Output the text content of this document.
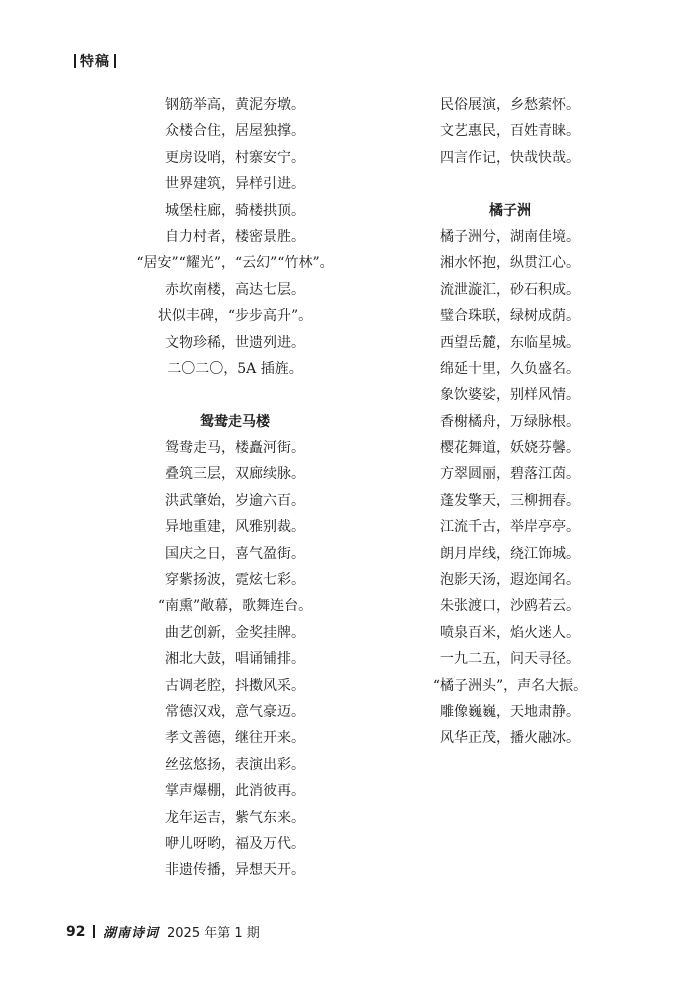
特稿
钢筋举高，黄泥夯墩。
众楼合住，居屋独撑。
更房设哨，村寨安宁。
世界建筑，异样引进。
城堡柱廊，骑楼拱顶。
自力村者，楼密景胜。
“居安”“耀光”，“云幻”“竹林”。
赤坎南楼，高达七层。
状似丰碑，“步步高升”。
文物珍稀，世遗列进。
二〇二〇，5A 插旌。
鸳鸯走马楼
鸳鸯走马，楼矗河街。
叠筑三层，双廊续脉。
洪武肇始，岁逾六百。
异地重建，风雅别裁。
国庆之日，喜气盈街。
穿紫扬波，霓炫七彩。
“南熏”敞幕，歌舞连台。
曲艺创新，金奖挂牌。
湘北大鼓，唱诵铺排。
古调老腔，抖擞风采。
常德汉戏，意气豪迈。
孝文善德，继往开来。
丝弦悠扬，表演出彩。
掌声爆棚，此消彼再。
龙年运吉，紫气东来。
咿儿呀哟，福及万代。
非遗传播，异想天开。
民俗展演，乡愁萦怀。
文艺惠民，百姓青睐。
四言作记，快哉快哉。
橘子洲
橘子洲兮，湖南佳境。
湘水怀抱，纵贯江心。
流泄漩汇，砂石积成。
璧合珠联，绿树成荫。
西望岳麓，东临星城。
绵延十里，久负盛名。
象饮婆娑，别样风情。
香榭橘舟，万绿脉根。
樱花舞道，妖娆芬馨。
方翠圆丽，碧落江茵。
蓬发擎天，三柳拥春。
江流千古，举岸亭亭。
朗月岸线，绕江饰城。
泡影天汤，遐迩闻名。
朱张渡口，沙鸥若云。
喷泉百米，焰火迷人。
一九二五，问天寻径。
“橘子洲头”，声名大振。
雕像巍巍，天地肃静。
风华正茂，播火融冰。
92 湖南诗词 2025 年第 1 期
